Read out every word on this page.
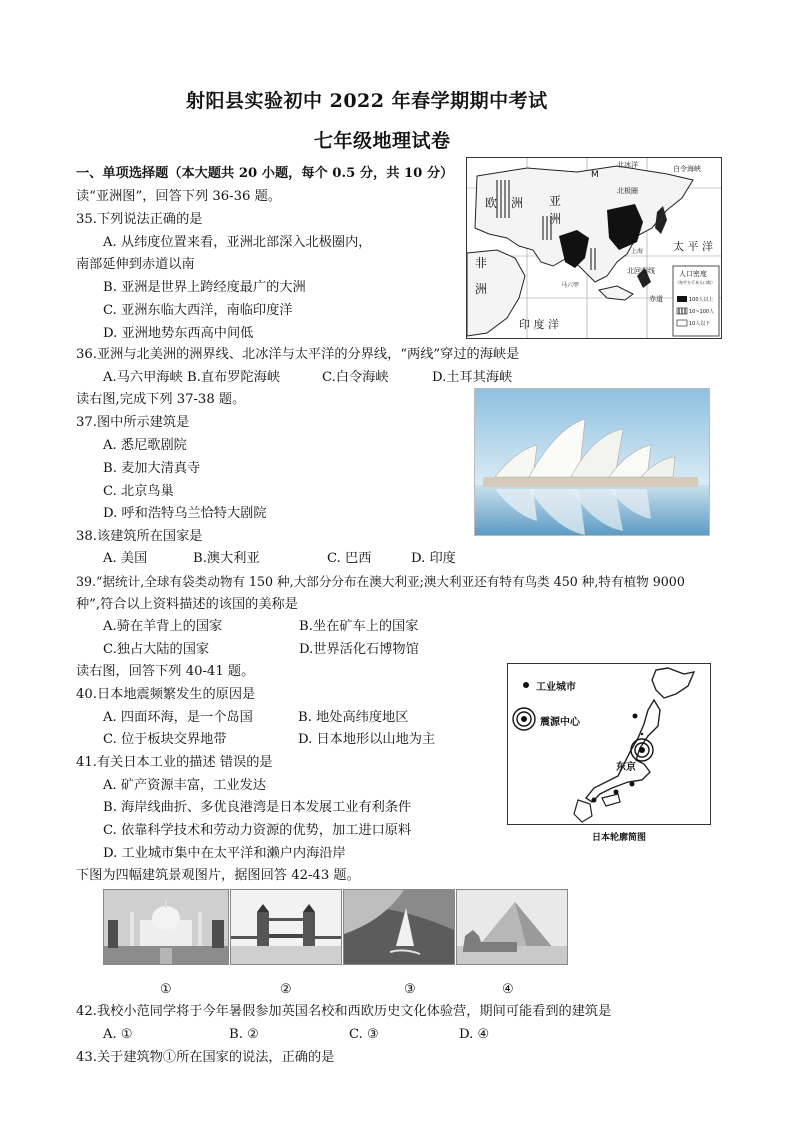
射阳县实验初中 2022 年春学期期中考试
七年级地理试卷
一、单项选择题（本大题共 20 小题，每个 0.5 分，共 10 分）
读“亚洲图”，回答下列 36-36 题。
35.下列说法正确的是
A. 从纬度位置来看，亚洲北部深入北极圈内，
南部延伸到赤道以南
B. 亚洲是世界上跨经度最广的大洲
C. 亚洲东临大西洋，南临印度洋
D. 亚洲地势东西高中间低
北冰洋	白令海峡
M
北极圈
欧 洲 亚
洲
太 平 洋
上海
非
洲
北回归线
马六甲
赤道
印 度 洋
人口密度
（每平方千米人口数）
100人以上
10~100人
10人以下
36.亚洲与北美洲的洲界线、北冰洋与太平洋的分界线，“两线”穿过的海峡是
A.马六甲海峡 B.直布罗陀海峡	C.白令海峡	D.土耳其海峡
读右图,完成下列 37-38 题。
37.图中所示建筑是
A. 悉尼歌剧院
B. 麦加大清真寺
C. 北京鸟巢
D. 呼和浩特乌兰恰特大剧院
38.该建筑所在国家是
A. 美国	B.澳大利亚	C. 巴西	D. 印度
39.“据统计,全球有袋类动物有 150 种,大部分分布在澳大利亚;澳大利亚还有特有鸟类 450 种,特有植物 9000
种”,符合以上资料描述的该国的美称是
A.骑在羊背上的国家	B.坐在矿车上的国家
C.独占大陆的国家	D.世界活化石博物馆
读右图，回答下列 40-41 题。
工业城市
震源中心
东京
日本轮廓简图
40.日本地震频繁发生的原因是
A. 四面环海，是一个岛国	B. 地处高纬度地区
C. 位于板块交界地带	D. 日本地形以山地为主
41.有关日本工业的描述 错误的是
A. 矿产资源丰富，工业发达
B. 海岸线曲折、多优良港湾是日本发展工业有利条件
C. 依靠科学技术和劳动力资源的优势，加工进口原料
D. 工业城市集中在太平洋和濑户内海沿岸
下图为四幅建筑景观图片，据图回答 42-43 题。
①	②	③	④
42.我校小范同学将于今年暑假参加英国名校和西欧历史文化体验营，期间可能看到的建筑是
A. ①	B. ②	C. ③	D. ④
43.关于建筑物①所在国家的说法，正确的是
